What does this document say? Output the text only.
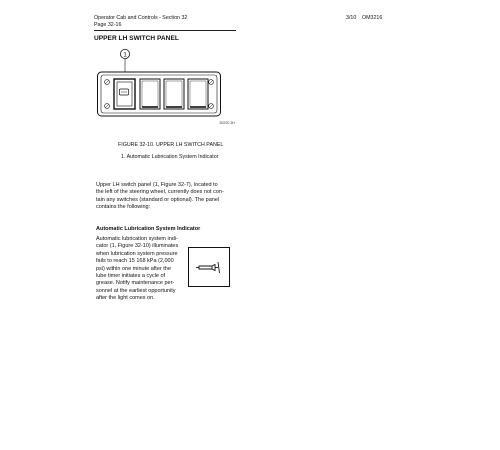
Operator Cab and Controls - Section 32
Page 32-16
3/10 OM3216
UPPER LH SWITCH PANEL
1
30220 3H
FIGURE 32-10. UPPER LH SWITCH PANEL
1. Automatic Lubrication System Indicator
Upper LH switch panel (1, Figure 32-7), located to
the left of the steering wheel, currently does not con-
tain any switches (standard or optional). The panel
contains the following:
Automatic Lubrication System Indicator
Automatic lubrication system indi-
cator (1, Figure 32-10) illuminates
when lubrication system pressure
fails to reach 15 168 kPa (2,000
psi) within one minute after the
lube timer initiates a cycle of
grease. Notify maintenance per-
sonnel at the earliest opportunity
after the light comes on.
